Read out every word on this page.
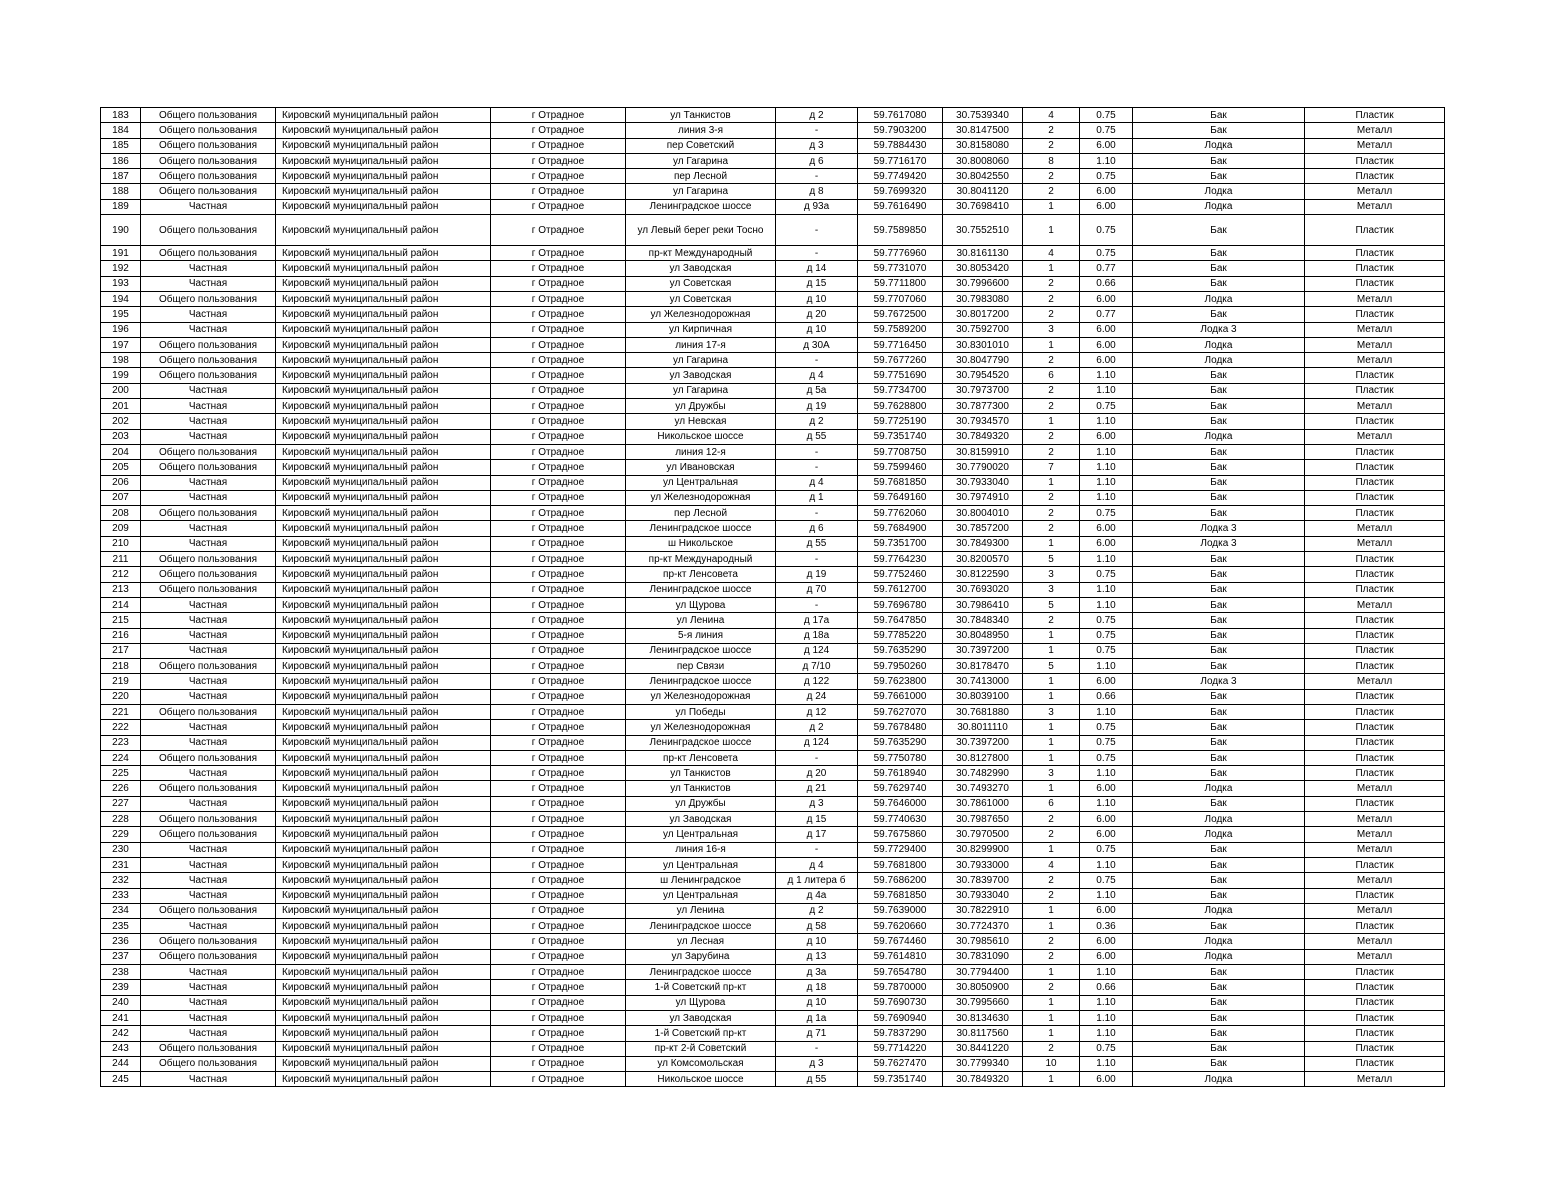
183	Общего пользования	Кировский муниципальный район	г Отрадное	ул Танкистов	д 2	59.7617080	30.7539340	4	0.75	Бак	Пластик
184	Общего пользования	Кировский муниципальный район	г Отрадное	линия 3-я	-	59.7903200	30.8147500	2	0.75	Бак	Металл
185	Общего пользования	Кировский муниципальный район	г Отрадное	пер Советский	д 3	59.7884430	30.8158080	2	6.00	Лодка	Металл
186	Общего пользования	Кировский муниципальный район	г Отрадное	ул Гагарина	д 6	59.7716170	30.8008060	8	1.10	Бак	Пластик
187	Общего пользования	Кировский муниципальный район	г Отрадное	пер Лесной	-	59.7749420	30.8042550	2	0.75	Бак	Пластик
188	Общего пользования	Кировский муниципальный район	г Отрадное	ул Гагарина	д 8	59.7699320	30.8041120	2	6.00	Лодка	Металл
189	Частная	Кировский муниципальный район	г Отрадное	Ленинградское шоссе	д 93а	59.7616490	30.7698410	1	6.00	Лодка	Металл
190	Общего пользования	Кировский муниципальный район	г Отрадное	ул Левый берег реки Тосно	-	59.7589850	30.7552510	1	0.75	Бак	Пластик
191	Общего пользования	Кировский муниципальный район	г Отрадное	пр-кт Международный	-	59.7776960	30.8161130	4	0.75	Бак	Пластик
192	Частная	Кировский муниципальный район	г Отрадное	ул Заводская	д 14	59.7731070	30.8053420	1	0.77	Бак	Пластик
193	Частная	Кировский муниципальный район	г Отрадное	ул Советская	д 15	59.7711800	30.7996600	2	0.66	Бак	Пластик
194	Общего пользования	Кировский муниципальный район	г Отрадное	ул Советская	д 10	59.7707060	30.7983080	2	6.00	Лодка	Металл
195	Частная	Кировский муниципальный район	г Отрадное	ул Железнодорожная	д 20	59.7672500	30.8017200	2	0.77	Бак	Пластик
196	Частная	Кировский муниципальный район	г Отрадное	ул Кирпичная	д 10	59.7589200	30.7592700	3	6.00	Лодка 3	Металл
197	Общего пользования	Кировский муниципальный район	г Отрадное	линия 17-я	д 30А	59.7716450	30.8301010	1	6.00	Лодка	Металл
198	Общего пользования	Кировский муниципальный район	г Отрадное	ул Гагарина	-	59.7677260	30.8047790	2	6.00	Лодка	Металл
199	Общего пользования	Кировский муниципальный район	г Отрадное	ул Заводская	д 4	59.7751690	30.7954520	6	1.10	Бак	Пластик
200	Частная	Кировский муниципальный район	г Отрадное	ул Гагарина	д 5а	59.7734700	30.7973700	2	1.10	Бак	Пластик
201	Частная	Кировский муниципальный район	г Отрадное	ул Дружбы	д 19	59.7628800	30.7877300	2	0.75	Бак	Металл
202	Частная	Кировский муниципальный район	г Отрадное	ул Невская	д 2	59.7725190	30.7934570	1	1.10	Бак	Пластик
203	Частная	Кировский муниципальный район	г Отрадное	Никольское шоссе	д 55	59.7351740	30.7849320	2	6.00	Лодка	Металл
204	Общего пользования	Кировский муниципальный район	г Отрадное	линия 12-я	-	59.7708750	30.8159910	2	1.10	Бак	Пластик
205	Общего пользования	Кировский муниципальный район	г Отрадное	ул Ивановская	-	59.7599460	30.7790020	7	1.10	Бак	Пластик
206	Частная	Кировский муниципальный район	г Отрадное	ул Центральная	д 4	59.7681850	30.7933040	1	1.10	Бак	Пластик
207	Частная	Кировский муниципальный район	г Отрадное	ул Железнодорожная	д 1	59.7649160	30.7974910	2	1.10	Бак	Пластик
208	Общего пользования	Кировский муниципальный район	г Отрадное	пер Лесной	-	59.7762060	30.8004010	2	0.75	Бак	Пластик
209	Частная	Кировский муниципальный район	г Отрадное	Ленинградское шоссе	д 6	59.7684900	30.7857200	2	6.00	Лодка 3	Металл
210	Частная	Кировский муниципальный район	г Отрадное	ш Никольское	д 55	59.7351700	30.7849300	1	6.00	Лодка 3	Металл
211	Общего пользования	Кировский муниципальный район	г Отрадное	пр-кт Международный	-	59.7764230	30.8200570	5	1.10	Бак	Пластик
212	Общего пользования	Кировский муниципальный район	г Отрадное	пр-кт Ленсовета	д 19	59.7752460	30.8122590	3	0.75	Бак	Пластик
213	Общего пользования	Кировский муниципальный район	г Отрадное	Ленинградское шоссе	д 70	59.7612700	30.7693020	3	1.10	Бак	Пластик
214	Частная	Кировский муниципальный район	г Отрадное	ул Щурова	-	59.7696780	30.7986410	5	1.10	Бак	Металл
215	Частная	Кировский муниципальный район	г Отрадное	ул Ленина	д 17а	59.7647850	30.7848340	2	0.75	Бак	Пластик
216	Частная	Кировский муниципальный район	г Отрадное	5-я линия	д 18а	59.7785220	30.8048950	1	0.75	Бак	Пластик
217	Частная	Кировский муниципальный район	г Отрадное	Ленинградское шоссе	д 124	59.7635290	30.7397200	1	0.75	Бак	Пластик
218	Общего пользования	Кировский муниципальный район	г Отрадное	пер Связи	д 7/10	59.7950260	30.8178470	5	1.10	Бак	Пластик
219	Частная	Кировский муниципальный район	г Отрадное	Ленинградское шоссе	д 122	59.7623800	30.7413000	1	6.00	Лодка 3	Металл
220	Частная	Кировский муниципальный район	г Отрадное	ул Железнодорожная	д 24	59.7661000	30.8039100	1	0.66	Бак	Пластик
221	Общего пользования	Кировский муниципальный район	г Отрадное	ул Победы	д 12	59.7627070	30.7681880	3	1.10	Бак	Пластик
222	Частная	Кировский муниципальный район	г Отрадное	ул Железнодорожная	д 2	59.7678480	30.8011110	1	0.75	Бак	Пластик
223	Частная	Кировский муниципальный район	г Отрадное	Ленинградское шоссе	д 124	59.7635290	30.7397200	1	0.75	Бак	Пластик
224	Общего пользования	Кировский муниципальный район	г Отрадное	пр-кт Ленсовета	-	59.7750780	30.8127800	1	0.75	Бак	Пластик
225	Частная	Кировский муниципальный район	г Отрадное	ул Танкистов	д 20	59.7618940	30.7482990	3	1.10	Бак	Пластик
226	Общего пользования	Кировский муниципальный район	г Отрадное	ул Танкистов	д 21	59.7629740	30.7493270	1	6.00	Лодка	Металл
227	Частная	Кировский муниципальный район	г Отрадное	ул Дружбы	д 3	59.7646000	30.7861000	6	1.10	Бак	Пластик
228	Общего пользования	Кировский муниципальный район	г Отрадное	ул Заводская	д 15	59.7740630	30.7987650	2	6.00	Лодка	Металл
229	Общего пользования	Кировский муниципальный район	г Отрадное	ул Центральная	д 17	59.7675860	30.7970500	2	6.00	Лодка	Металл
230	Частная	Кировский муниципальный район	г Отрадное	линия 16-я	-	59.7729400	30.8299900	1	0.75	Бак	Металл
231	Частная	Кировский муниципальный район	г Отрадное	ул Центральная	д 4	59.7681800	30.7933000	4	1.10	Бак	Пластик
232	Частная	Кировский муниципальный район	г Отрадное	ш Ленинградское	д 1 литера б	59.7686200	30.7839700	2	0.75	Бак	Металл
233	Частная	Кировский муниципальный район	г Отрадное	ул Центральная	д 4а	59.7681850	30.7933040	2	1.10	Бак	Пластик
234	Общего пользования	Кировский муниципальный район	г Отрадное	ул Ленина	д 2	59.7639000	30.7822910	1	6.00	Лодка	Металл
235	Частная	Кировский муниципальный район	г Отрадное	Ленинградское шоссе	д 58	59.7620660	30.7724370	1	0.36	Бак	Пластик
236	Общего пользования	Кировский муниципальный район	г Отрадное	ул Лесная	д 10	59.7674460	30.7985610	2	6.00	Лодка	Металл
237	Общего пользования	Кировский муниципальный район	г Отрадное	ул Зарубина	д 13	59.7614810	30.7831090	2	6.00	Лодка	Металл
238	Частная	Кировский муниципальный район	г Отрадное	Ленинградское шоссе	д 3а	59.7654780	30.7794400	1	1.10	Бак	Пластик
239	Частная	Кировский муниципальный район	г Отрадное	1-й Советский пр-кт	д 18	59.7870000	30.8050900	2	0.66	Бак	Пластик
240	Частная	Кировский муниципальный район	г Отрадное	ул Щурова	д 10	59.7690730	30.7995660	1	1.10	Бак	Пластик
241	Частная	Кировский муниципальный район	г Отрадное	ул Заводская	д 1а	59.7690940	30.8134630	1	1.10	Бак	Пластик
242	Частная	Кировский муниципальный район	г Отрадное	1-й Советский пр-кт	д 71	59.7837290	30.8117560	1	1.10	Бак	Пластик
243	Общего пользования	Кировский муниципальный район	г Отрадное	пр-кт 2-й Советский	-	59.7714220	30.8441220	2	0.75	Бак	Пластик
244	Общего пользования	Кировский муниципальный район	г Отрадное	ул Комсомольская	д 3	59.7627470	30.7799340	10	1.10	Бак	Пластик
245	Частная	Кировский муниципальный район	г Отрадное	Никольское шоссе	д 55	59.7351740	30.7849320	1	6.00	Лодка	Металл
